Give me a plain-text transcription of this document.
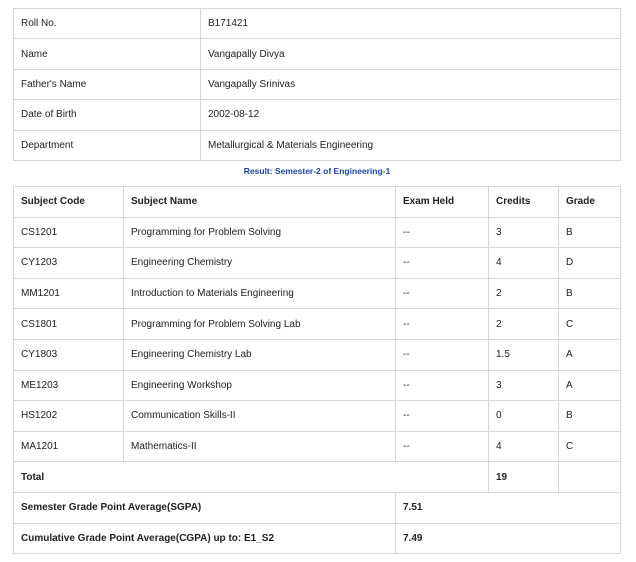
Roll No.	B171421
Name	Vangapally Divya
Father's Name	Vangapally Srinivas
Date of Birth	2002-08-12
Department	Metallurgical & Materials Engineering
Result: Semester-2 of Engineering-1
Subject Code	Subject Name	Exam Held	Credits	Grade
CS1201	Programming for Problem Solving	--	3	B
CY1203	Engineering Chemistry	--	4	D
MM1201	Introduction to Materials Engineering	--	2	B
CS1801	Programming for Problem Solving Lab	--	2	C
CY1803	Engineering Chemistry Lab	--	1.5	A
ME1203	Engineering Workshop	--	3	A
HS1202	Communication Skills-II	--	0	B
MA1201	Mathematics-II	--	4	C
Total			19	
Semester Grade Point Average(SGPA)		7.51		
Cumulative Grade Point Average(CGPA) up to: E1_S2		7.49		
